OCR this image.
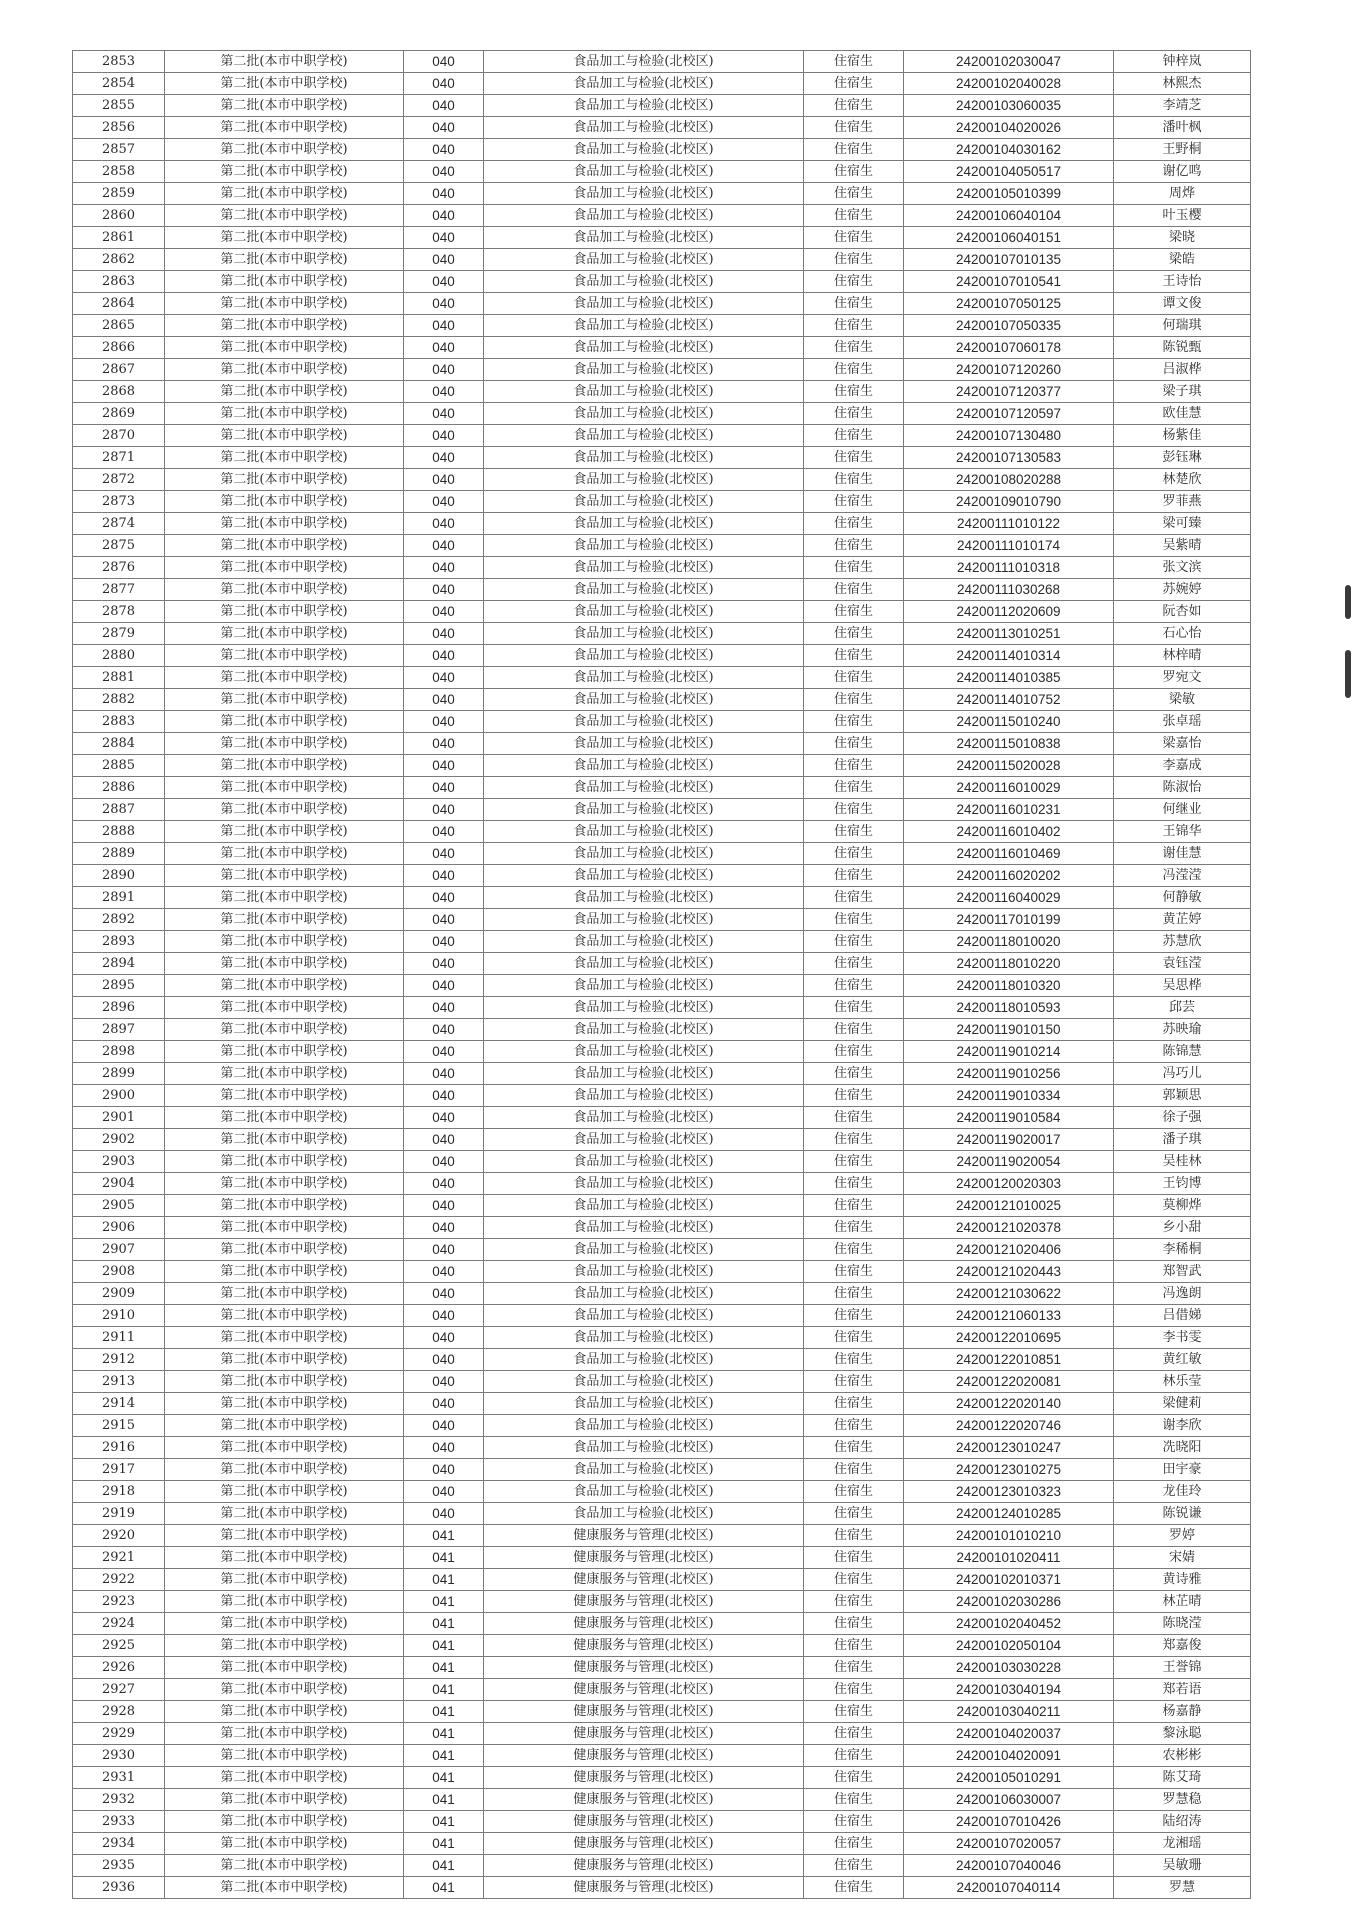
2853	第二批(本市中职学校)	040	食品加工与检验(北校区)	住宿生	24200102030047	钟梓岚
2854	第二批(本市中职学校)	040	食品加工与检验(北校区)	住宿生	24200102040028	林熙杰
2855	第二批(本市中职学校)	040	食品加工与检验(北校区)	住宿生	24200103060035	李靖芝
2856	第二批(本市中职学校)	040	食品加工与检验(北校区)	住宿生	24200104020026	潘叶枫
2857	第二批(本市中职学校)	040	食品加工与检验(北校区)	住宿生	24200104030162	王野桐
2858	第二批(本市中职学校)	040	食品加工与检验(北校区)	住宿生	24200104050517	谢亿鸣
2859	第二批(本市中职学校)	040	食品加工与检验(北校区)	住宿生	24200105010399	周烨
2860	第二批(本市中职学校)	040	食品加工与检验(北校区)	住宿生	24200106040104	叶玉樱
2861	第二批(本市中职学校)	040	食品加工与检验(北校区)	住宿生	24200106040151	梁晓
2862	第二批(本市中职学校)	040	食品加工与检验(北校区)	住宿生	24200107010135	梁皓
2863	第二批(本市中职学校)	040	食品加工与检验(北校区)	住宿生	24200107010541	王诗怡
2864	第二批(本市中职学校)	040	食品加工与检验(北校区)	住宿生	24200107050125	谭文俊
2865	第二批(本市中职学校)	040	食品加工与检验(北校区)	住宿生	24200107050335	何瑞琪
2866	第二批(本市中职学校)	040	食品加工与检验(北校区)	住宿生	24200107060178	陈锐甄
2867	第二批(本市中职学校)	040	食品加工与检验(北校区)	住宿生	24200107120260	吕淑桦
2868	第二批(本市中职学校)	040	食品加工与检验(北校区)	住宿生	24200107120377	梁子琪
2869	第二批(本市中职学校)	040	食品加工与检验(北校区)	住宿生	24200107120597	欧佳慧
2870	第二批(本市中职学校)	040	食品加工与检验(北校区)	住宿生	24200107130480	杨紫佳
2871	第二批(本市中职学校)	040	食品加工与检验(北校区)	住宿生	24200107130583	彭钰琳
2872	第二批(本市中职学校)	040	食品加工与检验(北校区)	住宿生	24200108020288	林楚欣
2873	第二批(本市中职学校)	040	食品加工与检验(北校区)	住宿生	24200109010790	罗菲燕
2874	第二批(本市中职学校)	040	食品加工与检验(北校区)	住宿生	24200111010122	梁可臻
2875	第二批(本市中职学校)	040	食品加工与检验(北校区)	住宿生	24200111010174	吴紫晴
2876	第二批(本市中职学校)	040	食品加工与检验(北校区)	住宿生	24200111010318	张文滨
2877	第二批(本市中职学校)	040	食品加工与检验(北校区)	住宿生	24200111030268	苏婉婷
2878	第二批(本市中职学校)	040	食品加工与检验(北校区)	住宿生	24200112020609	阮杏如
2879	第二批(本市中职学校)	040	食品加工与检验(北校区)	住宿生	24200113010251	石心怡
2880	第二批(本市中职学校)	040	食品加工与检验(北校区)	住宿生	24200114010314	林梓晴
2881	第二批(本市中职学校)	040	食品加工与检验(北校区)	住宿生	24200114010385	罗宛文
2882	第二批(本市中职学校)	040	食品加工与检验(北校区)	住宿生	24200114010752	梁敏
2883	第二批(本市中职学校)	040	食品加工与检验(北校区)	住宿生	24200115010240	张卓瑶
2884	第二批(本市中职学校)	040	食品加工与检验(北校区)	住宿生	24200115010838	梁嘉怡
2885	第二批(本市中职学校)	040	食品加工与检验(北校区)	住宿生	24200115020028	李嘉成
2886	第二批(本市中职学校)	040	食品加工与检验(北校区)	住宿生	24200116010029	陈淑怡
2887	第二批(本市中职学校)	040	食品加工与检验(北校区)	住宿生	24200116010231	何继业
2888	第二批(本市中职学校)	040	食品加工与检验(北校区)	住宿生	24200116010402	王锦华
2889	第二批(本市中职学校)	040	食品加工与检验(北校区)	住宿生	24200116010469	谢佳慧
2890	第二批(本市中职学校)	040	食品加工与检验(北校区)	住宿生	24200116020202	冯滢滢
2891	第二批(本市中职学校)	040	食品加工与检验(北校区)	住宿生	24200116040029	何静敏
2892	第二批(本市中职学校)	040	食品加工与检验(北校区)	住宿生	24200117010199	黄芷婷
2893	第二批(本市中职学校)	040	食品加工与检验(北校区)	住宿生	24200118010020	苏慧欣
2894	第二批(本市中职学校)	040	食品加工与检验(北校区)	住宿生	24200118010220	袁钰滢
2895	第二批(本市中职学校)	040	食品加工与检验(北校区)	住宿生	24200118010320	吴思桦
2896	第二批(本市中职学校)	040	食品加工与检验(北校区)	住宿生	24200118010593	邱芸
2897	第二批(本市中职学校)	040	食品加工与检验(北校区)	住宿生	24200119010150	苏映瑜
2898	第二批(本市中职学校)	040	食品加工与检验(北校区)	住宿生	24200119010214	陈锦慧
2899	第二批(本市中职学校)	040	食品加工与检验(北校区)	住宿生	24200119010256	冯巧儿
2900	第二批(本市中职学校)	040	食品加工与检验(北校区)	住宿生	24200119010334	郭颖思
2901	第二批(本市中职学校)	040	食品加工与检验(北校区)	住宿生	24200119010584	徐子强
2902	第二批(本市中职学校)	040	食品加工与检验(北校区)	住宿生	24200119020017	潘子琪
2903	第二批(本市中职学校)	040	食品加工与检验(北校区)	住宿生	24200119020054	吴桂林
2904	第二批(本市中职学校)	040	食品加工与检验(北校区)	住宿生	24200120020303	王钧博
2905	第二批(本市中职学校)	040	食品加工与检验(北校区)	住宿生	24200121010025	莫柳烨
2906	第二批(本市中职学校)	040	食品加工与检验(北校区)	住宿生	24200121020378	乡小甜
2907	第二批(本市中职学校)	040	食品加工与检验(北校区)	住宿生	24200121020406	李稀桐
2908	第二批(本市中职学校)	040	食品加工与检验(北校区)	住宿生	24200121020443	郑智武
2909	第二批(本市中职学校)	040	食品加工与检验(北校区)	住宿生	24200121030622	冯逸朗
2910	第二批(本市中职学校)	040	食品加工与检验(北校区)	住宿生	24200121060133	吕借娣
2911	第二批(本市中职学校)	040	食品加工与检验(北校区)	住宿生	24200122010695	李书雯
2912	第二批(本市中职学校)	040	食品加工与检验(北校区)	住宿生	24200122010851	黄红敏
2913	第二批(本市中职学校)	040	食品加工与检验(北校区)	住宿生	24200122020081	林乐莹
2914	第二批(本市中职学校)	040	食品加工与检验(北校区)	住宿生	24200122020140	梁健莉
2915	第二批(本市中职学校)	040	食品加工与检验(北校区)	住宿生	24200122020746	谢李欣
2916	第二批(本市中职学校)	040	食品加工与检验(北校区)	住宿生	24200123010247	冼晓阳
2917	第二批(本市中职学校)	040	食品加工与检验(北校区)	住宿生	24200123010275	田宇豪
2918	第二批(本市中职学校)	040	食品加工与检验(北校区)	住宿生	24200123010323	龙佳玲
2919	第二批(本市中职学校)	040	食品加工与检验(北校区)	住宿生	24200124010285	陈锐谦
2920	第二批(本市中职学校)	041	健康服务与管理(北校区)	住宿生	24200101010210	罗婷
2921	第二批(本市中职学校)	041	健康服务与管理(北校区)	住宿生	24200101020411	宋婧
2922	第二批(本市中职学校)	041	健康服务与管理(北校区)	住宿生	24200102010371	黄诗雅
2923	第二批(本市中职学校)	041	健康服务与管理(北校区)	住宿生	24200102030286	林芷晴
2924	第二批(本市中职学校)	041	健康服务与管理(北校区)	住宿生	24200102040452	陈晓滢
2925	第二批(本市中职学校)	041	健康服务与管理(北校区)	住宿生	24200102050104	郑嘉俊
2926	第二批(本市中职学校)	041	健康服务与管理(北校区)	住宿生	24200103030228	王誉锦
2927	第二批(本市中职学校)	041	健康服务与管理(北校区)	住宿生	24200103040194	郑若语
2928	第二批(本市中职学校)	041	健康服务与管理(北校区)	住宿生	24200103040211	杨嘉静
2929	第二批(本市中职学校)	041	健康服务与管理(北校区)	住宿生	24200104020037	黎泳聪
2930	第二批(本市中职学校)	041	健康服务与管理(北校区)	住宿生	24200104020091	农彬彬
2931	第二批(本市中职学校)	041	健康服务与管理(北校区)	住宿生	24200105010291	陈艾琦
2932	第二批(本市中职学校)	041	健康服务与管理(北校区)	住宿生	24200106030007	罗慧稳
2933	第二批(本市中职学校)	041	健康服务与管理(北校区)	住宿生	24200107010426	陆绍涛
2934	第二批(本市中职学校)	041	健康服务与管理(北校区)	住宿生	24200107020057	龙湘瑶
2935	第二批(本市中职学校)	041	健康服务与管理(北校区)	住宿生	24200107040046	吴敏珊
2936	第二批(本市中职学校)	041	健康服务与管理(北校区)	住宿生	24200107040114	罗慧
